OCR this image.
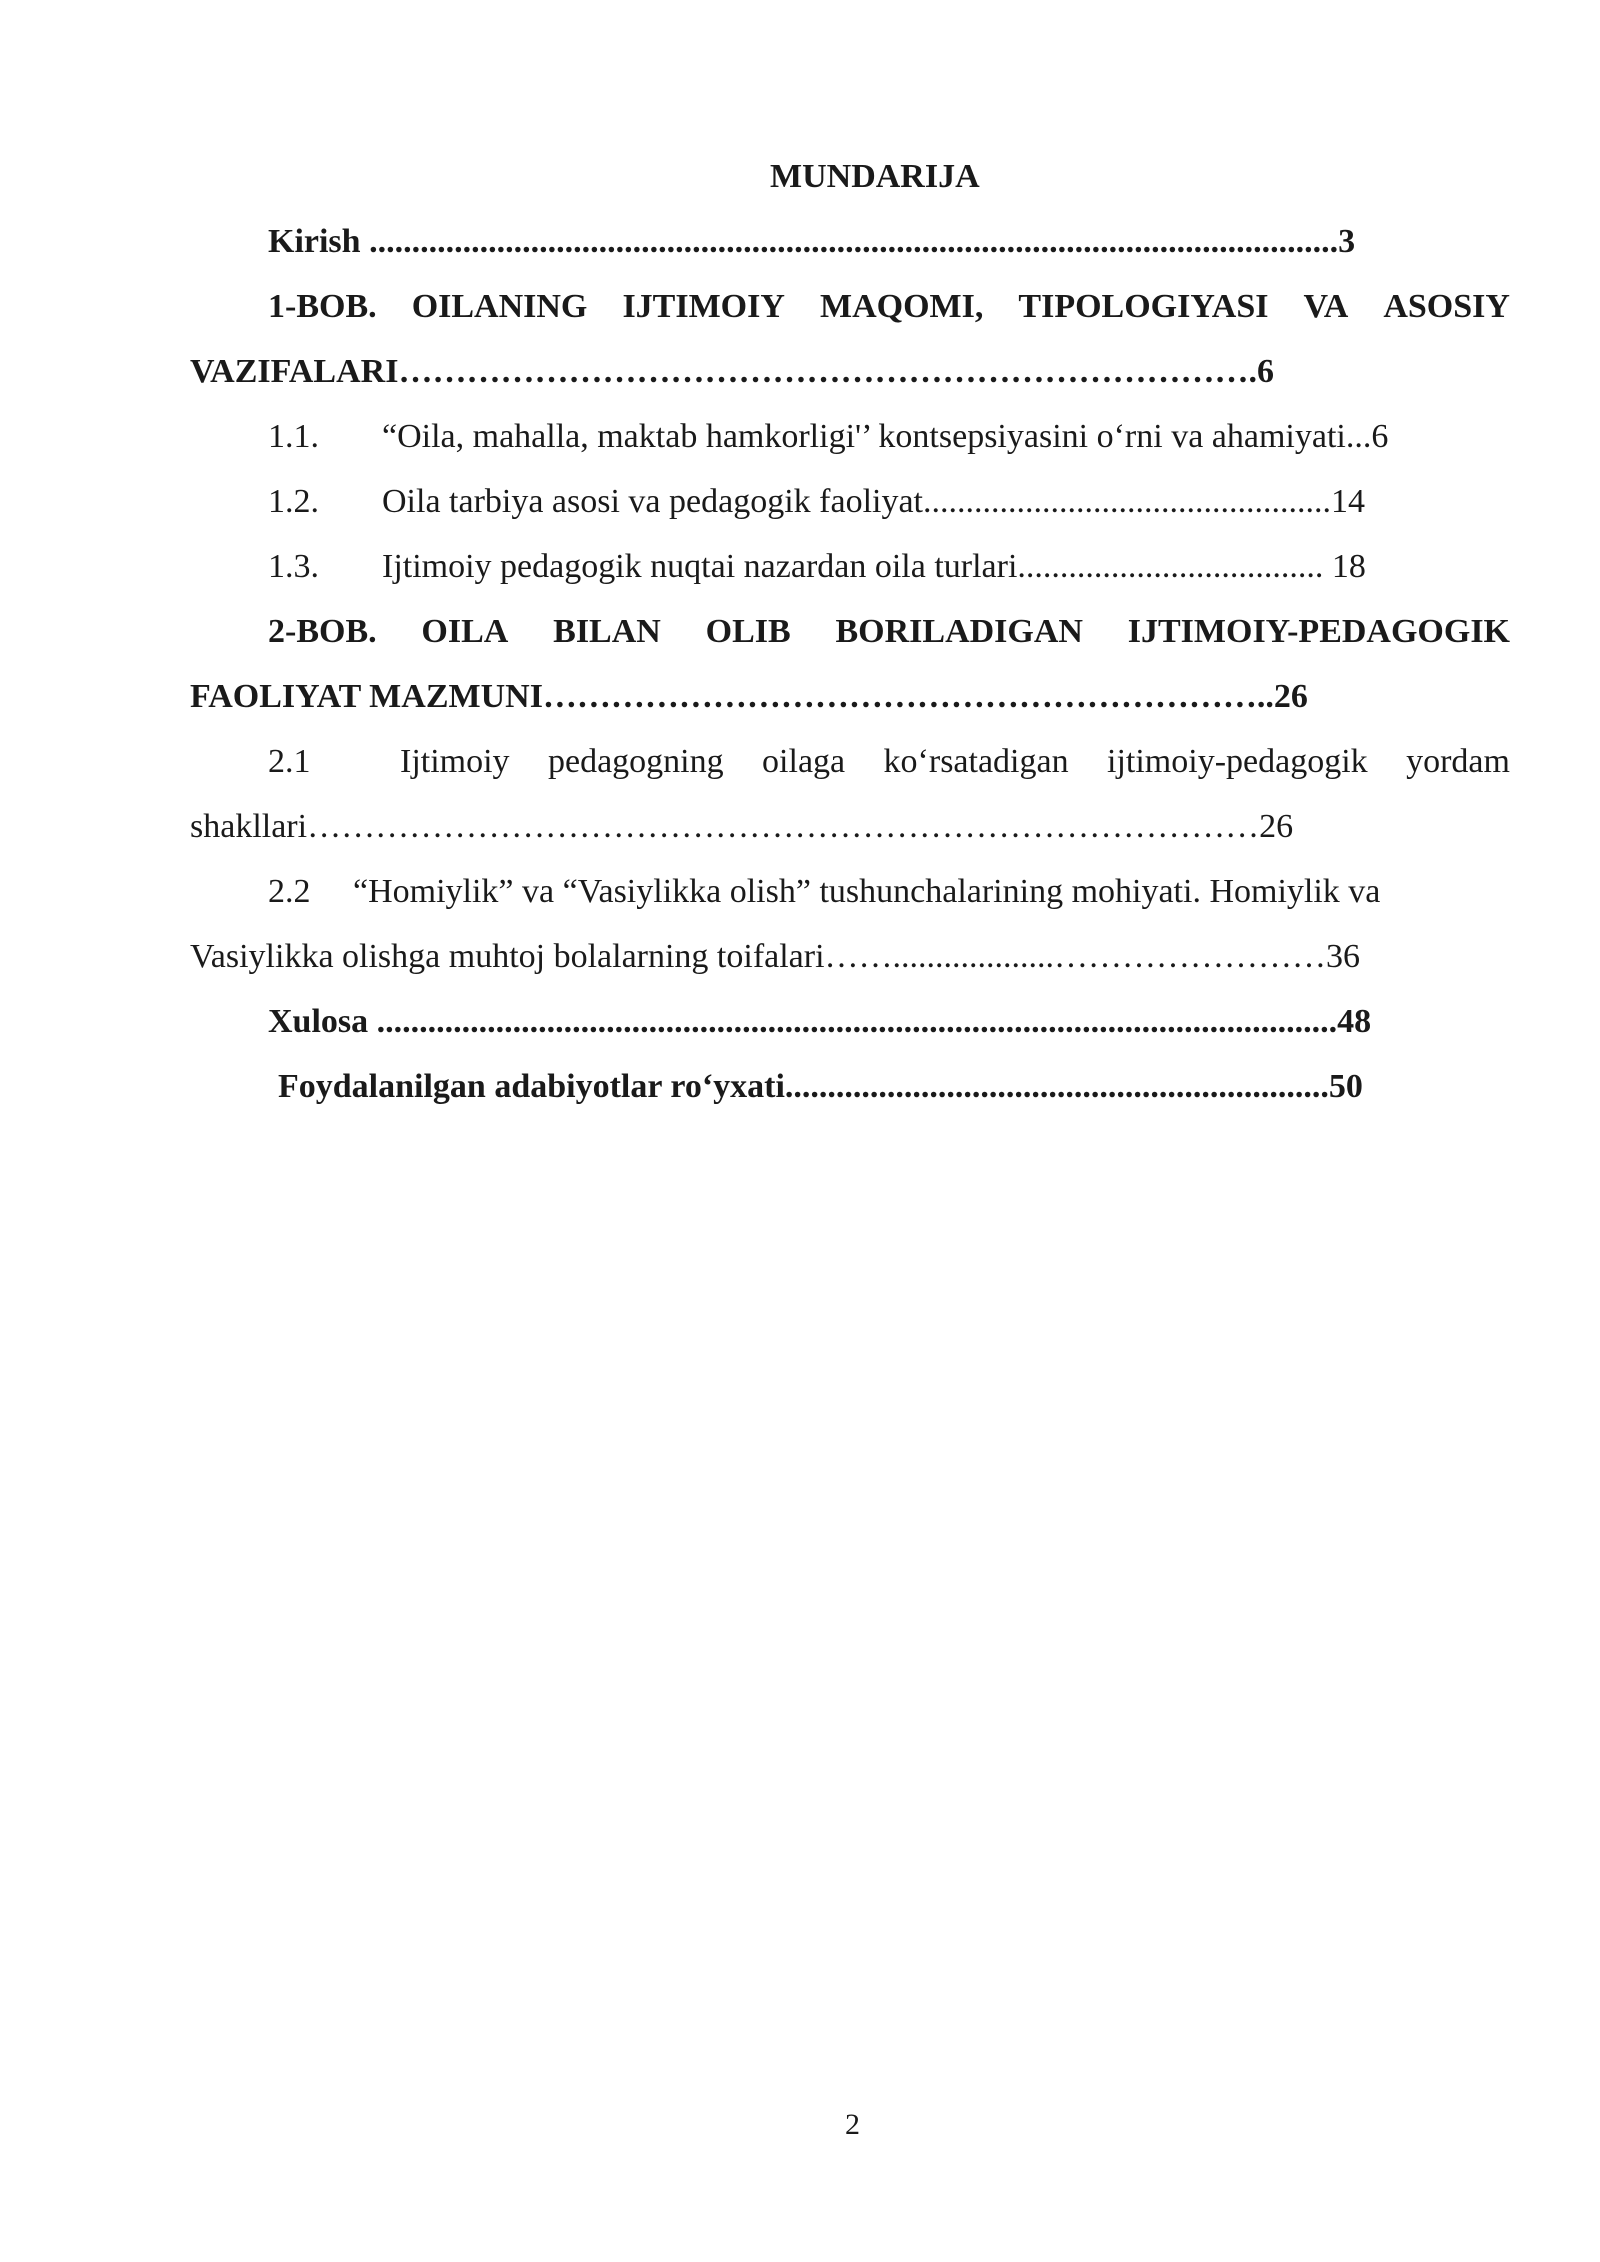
MUNDARIJA
Kirish ..................................................................................................................3
1-BOB. OILANING IJTIMOIY MAQOMI, TIPOLOGIYASI VA ASOSIY
VAZIFALARI………………………………………………………………….6
1.1. “Oila, mahalla, maktab hamkorligi'’ kontsepsiyasini o‘rni va ahamiyati...6
1.2. Oila tarbiya asosi va pedagogik faoliyat................................................14
1.3. Ijtimoiy pedagogik nuqtai nazardan oila turlari.................................... 18
2-BOB. OILA BILAN OLIB BORILADIGAN IJTIMOIY-PEDAGOGIK
FAOLIYAT MAZMUNI………………………………………………………..26
2.1	Ijtimoiy pedagogning oilaga ko‘rsatadigan ijtimoiy-pedagogik yordam
shakllari…………………………………………………………………………26
2.2     “Homiylik” va “Vasiylikka olish” tushunchalarining mohiyati. Homiylik va
Vasiylikka olishga muhtoj bolalarning toifalari……...................……………………36
Xulosa .................................................................................................................48
Foydalanilgan adabiyotlar ro‘yxati................................................................50
2
